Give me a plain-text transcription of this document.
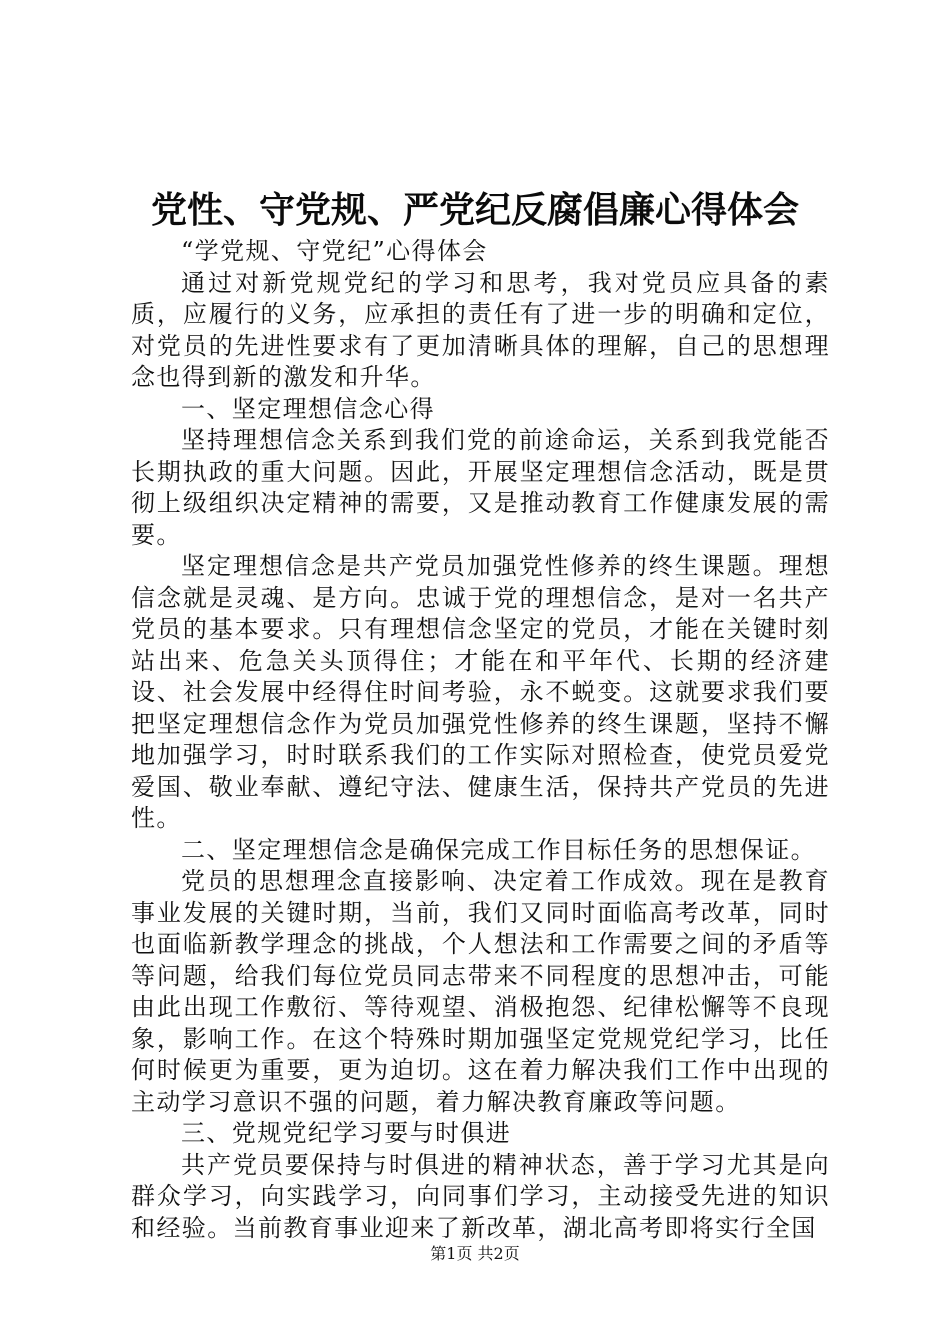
党性、守党规、严党纪反腐倡廉心得体会

“学党规、守党纪”心得体会

通过对新党规党纪的学习和思考，我对党员应具备的素质，应履行的义务，应承担的责任有了进一步的明确和定位，对党员的先进性要求有了更加清晰具体的理解，自己的思想理念也得到新的激发和升华。

一、坚定理想信念心得

坚持理想信念关系到我们党的前途命运，关系到我党能否长期执政的重大问题。因此，开展坚定理想信念活动，既是贯彻上级组织决定精神的需要，又是推动教育工作健康发展的需要。

坚定理想信念是共产党员加强党性修养的终生课题。理想信念就是灵魂、是方向。忠诚于党的理想信念，是对一名共产党员的基本要求。只有理想信念坚定的党员，才能在关键时刻站出来、危急关头顶得住；才能在和平年代、长期的经济建设、社会发展中经得住时间考验，永不蜕变。这就要求我们要把坚定理想信念作为党员加强党性修养的终生课题，坚持不懈地加强学习，时时联系我们的工作实际对照检查，使党员爱党爱国、敬业奉献、遵纪守法、健康生活，保持共产党员的先进性。

二、坚定理想信念是确保完成工作目标任务的思想保证。

党员的思想理念直接影响、决定着工作成效。现在是教育事业发展的关键时期，当前，我们又同时面临高考改革，同时也面临新教学理念的挑战，个人想法和工作需要之间的矛盾等等问题，给我们每位党员同志带来不同程度的思想冲击，可能由此出现工作敷衍、等待观望、消极抱怨、纪律松懈等不良现象，影响工作。在这个特殊时期加强坚定党规党纪学习，比任何时候更为重要，更为迫切。这在着力解决我们工作中出现的主动学习意识不强的问题，着力解决教育廉政等问题。

三、党规党纪学习要与时俱进

共产党员要保持与时俱进的精神状态，善于学习尤其是向群众学习，向实践学习，向同事们学习，主动接受先进的知识和经验。当前教育事业迎来了新改革，湖北高考即将实行全国

第1页 共2页
